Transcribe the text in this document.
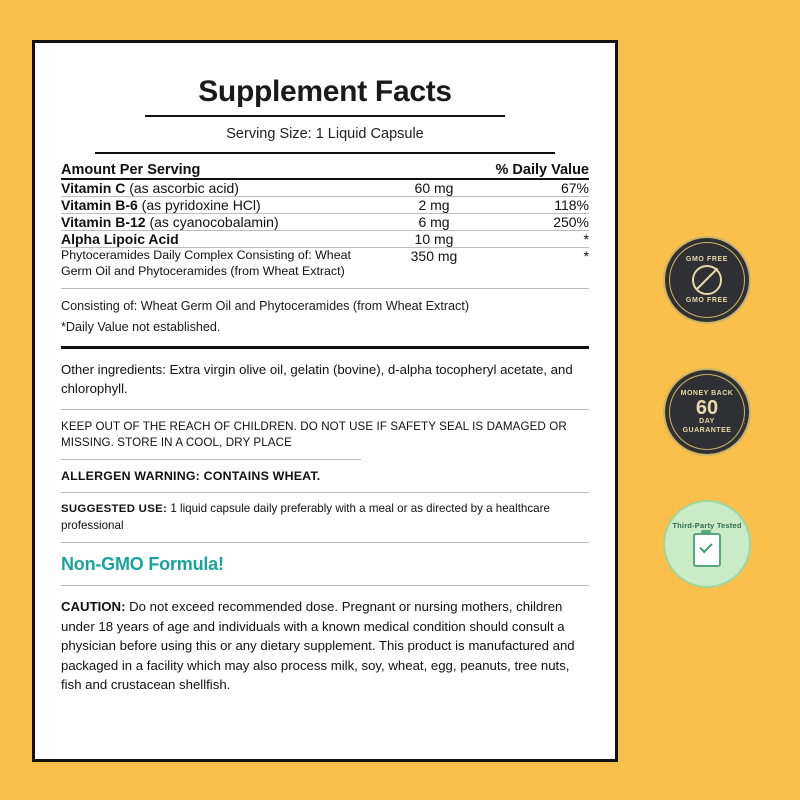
Supplement Facts
Serving Size: 1 Liquid Capsule
Amount Per Serving		% Daily Value
Vitamin C (as ascorbic acid)	60 mg	67%
Vitamin B-6 (as pyridoxine HCl)	2 mg	118%
Vitamin B-12 (as cyanocobalamin)	6 mg	250%
Alpha Lipoic Acid	10 mg	*
Phytoceramides Daily Complex Consisting of: Wheat Germ Oil and Phytoceramides (from Wheat Extract)	350 mg	*
Consisting of: Wheat Germ Oil and Phytoceramides (from Wheat Extract)
*Daily Value not established.
Other ingredients: Extra virgin olive oil, gelatin (bovine), d-alpha tocopheryl acetate, and chlorophyll.
KEEP OUT OF THE REACH OF CHILDREN. DO NOT USE IF SAFETY SEAL IS DAMAGED OR MISSING. STORE IN A COOL, DRY PLACE
ALLERGEN WARNING: CONTAINS WHEAT.
SUGGESTED USE: 1 liquid capsule daily preferably with a meal or as directed by a healthcare professional
Non-GMO Formula!
CAUTION: Do not exceed recommended dose. Pregnant or nursing mothers, children under 18 years of age and individuals with a known medical condition should consult a physician before using this or any dietary supplement. This product is manufactured and packaged in a facility which may also process milk, soy, wheat, egg, peanuts, tree nuts, fish and crustacean shellfish.
GMO FREE
GMO FREE
MONEY BACK
60
DAY
GUARANTEE
⋮
Third-Party Tested
